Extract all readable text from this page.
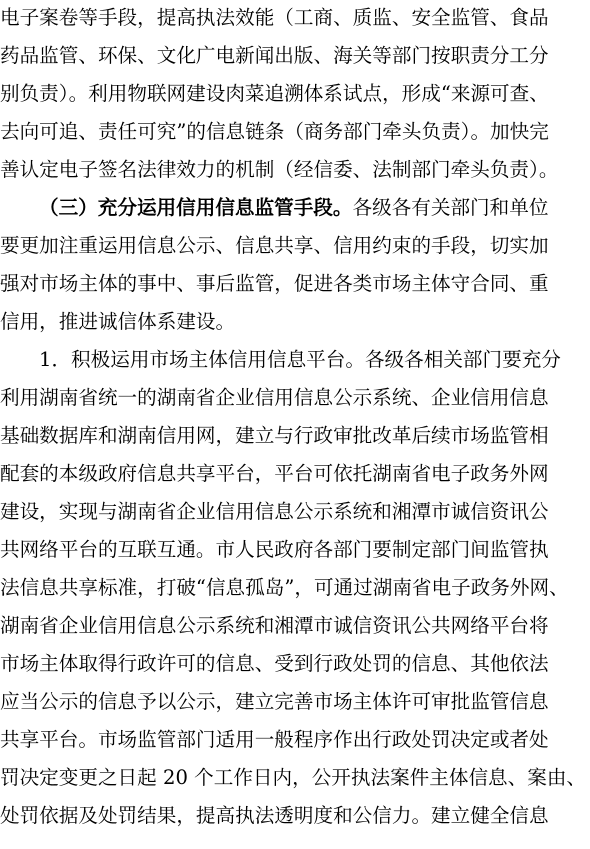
电子案卷等手段，提高执法效能（工商、质监、安全监管、食品
药品监管、环保、文化广电新闻出版、海关等部门按职责分工分
别负责）。利用物联网建设肉菜追溯体系试点，形成“来源可查、
去向可追、责任可究”的信息链条（商务部门牵头负责）。加快完
善认定电子签名法律效力的机制（经信委、法制部门牵头负责）。
（三）充分运用信用信息监管手段。各级各有关部门和单位
要更加注重运用信息公示、信息共享、信用约束的手段，切实加
强对市场主体的事中、事后监管，促进各类市场主体守合同、重
信用，推进诚信体系建设。
1．积极运用市场主体信用信息平台。各级各相关部门要充分
利用湖南省统一的湖南省企业信用信息公示系统、企业信用信息
基础数据库和湖南信用网，建立与行政审批改革后续市场监管相
配套的本级政府信息共享平台，平台可依托湖南省电子政务外网
建设，实现与湖南省企业信用信息公示系统和湘潭市诚信资讯公
共网络平台的互联互通。市人民政府各部门要制定部门间监管执
法信息共享标准，打破“信息孤岛”，可通过湖南省电子政务外网、
湖南省企业信用信息公示系统和湘潭市诚信资讯公共网络平台将
市场主体取得行政许可的信息、受到行政处罚的信息、其他依法
应当公示的信息予以公示，建立完善市场主体许可审批监管信息
共享平台。市场监管部门适用一般程序作出行政处罚决定或者处
罚决定变更之日起 20 个工作日内，公开执法案件主体信息、案由、
处罚依据及处罚结果，提高执法透明度和公信力。建立健全信息
